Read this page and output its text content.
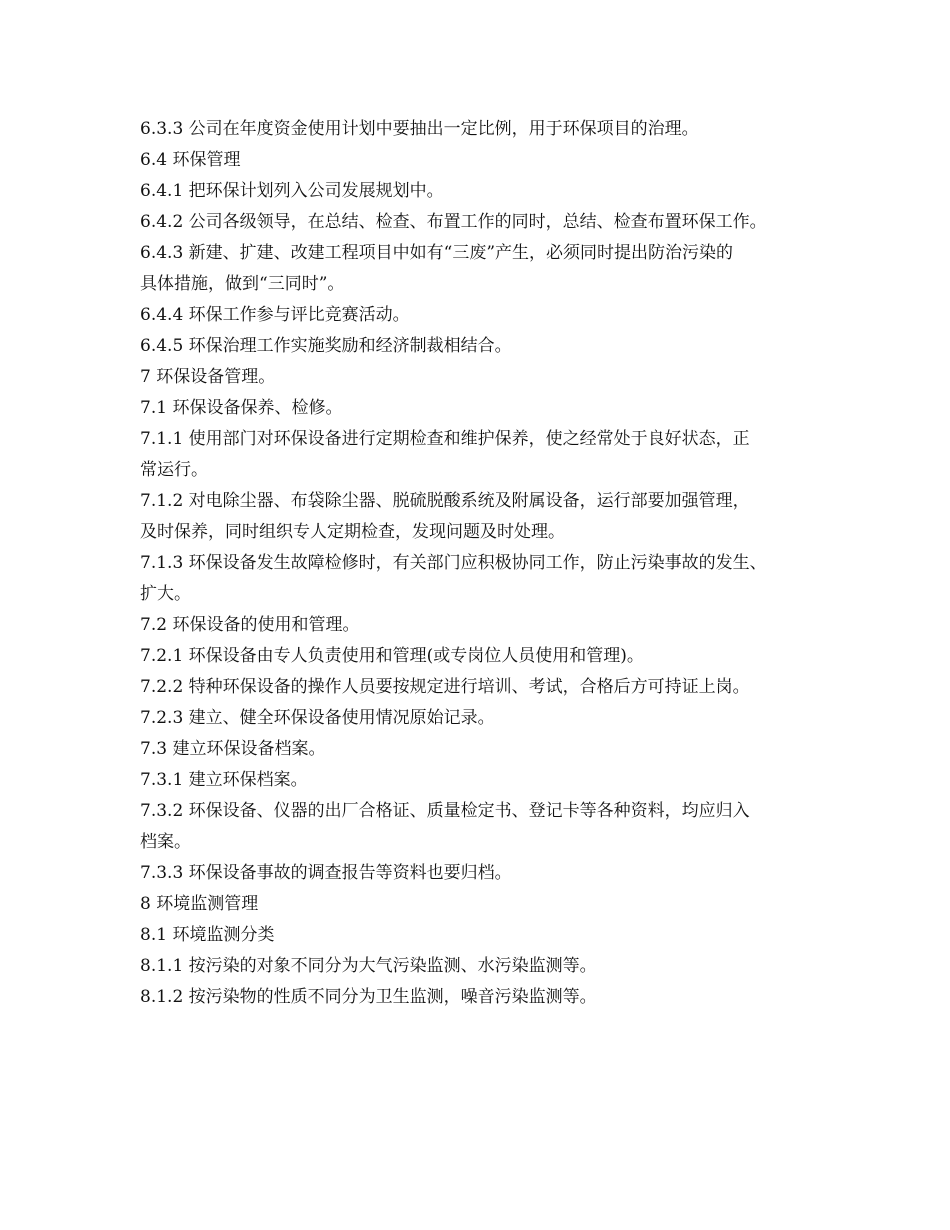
6.3.3 公司在年度资金使用计划中要抽出一定比例，用于环保项目的治理。

6.4 环保管理

6.4.1 把环保计划列入公司发展规划中。

6.4.2 公司各级领导，在总结、检查、布置工作的同时，总结、检查布置环保工作。

6.4.3 新建、扩建、改建工程项目中如有“三废”产生，必须同时提出防治污染的

具体措施，做到“三同时”。

6.4.4 环保工作参与评比竞赛活动。

6.4.5 环保治理工作实施奖励和经济制裁相结合。

7 环保设备管理。

7.1 环保设备保养、检修。

7.1.1 使用部门对环保设备进行定期检查和维护保养，使之经常处于良好状态，正

常运行。

7.1.2 对电除尘器、布袋除尘器、脱硫脱酸系统及附属设备，运行部要加强管理，

及时保养，同时组织专人定期检查，发现问题及时处理。

7.1.3 环保设备发生故障检修时，有关部门应积极协同工作，防止污染事故的发生、

扩大。

7.2 环保设备的使用和管理。

7.2.1 环保设备由专人负责使用和管理(或专岗位人员使用和管理)。

7.2.2 特种环保设备的操作人员要按规定进行培训、考试，合格后方可持证上岗。

7.2.3 建立、健全环保设备使用情况原始记录。

7.3 建立环保设备档案。

7.3.1 建立环保档案。

7.3.2 环保设备、仪器的出厂合格证、质量检定书、登记卡等各种资料，均应归入

档案。

7.3.3 环保设备事故的调查报告等资料也要归档。

8 环境监测管理

8.1 环境监测分类

8.1.1 按污染的对象不同分为大气污染监测、水污染监测等。

8.1.2 按污染物的性质不同分为卫生监测，噪音污染监测等。
